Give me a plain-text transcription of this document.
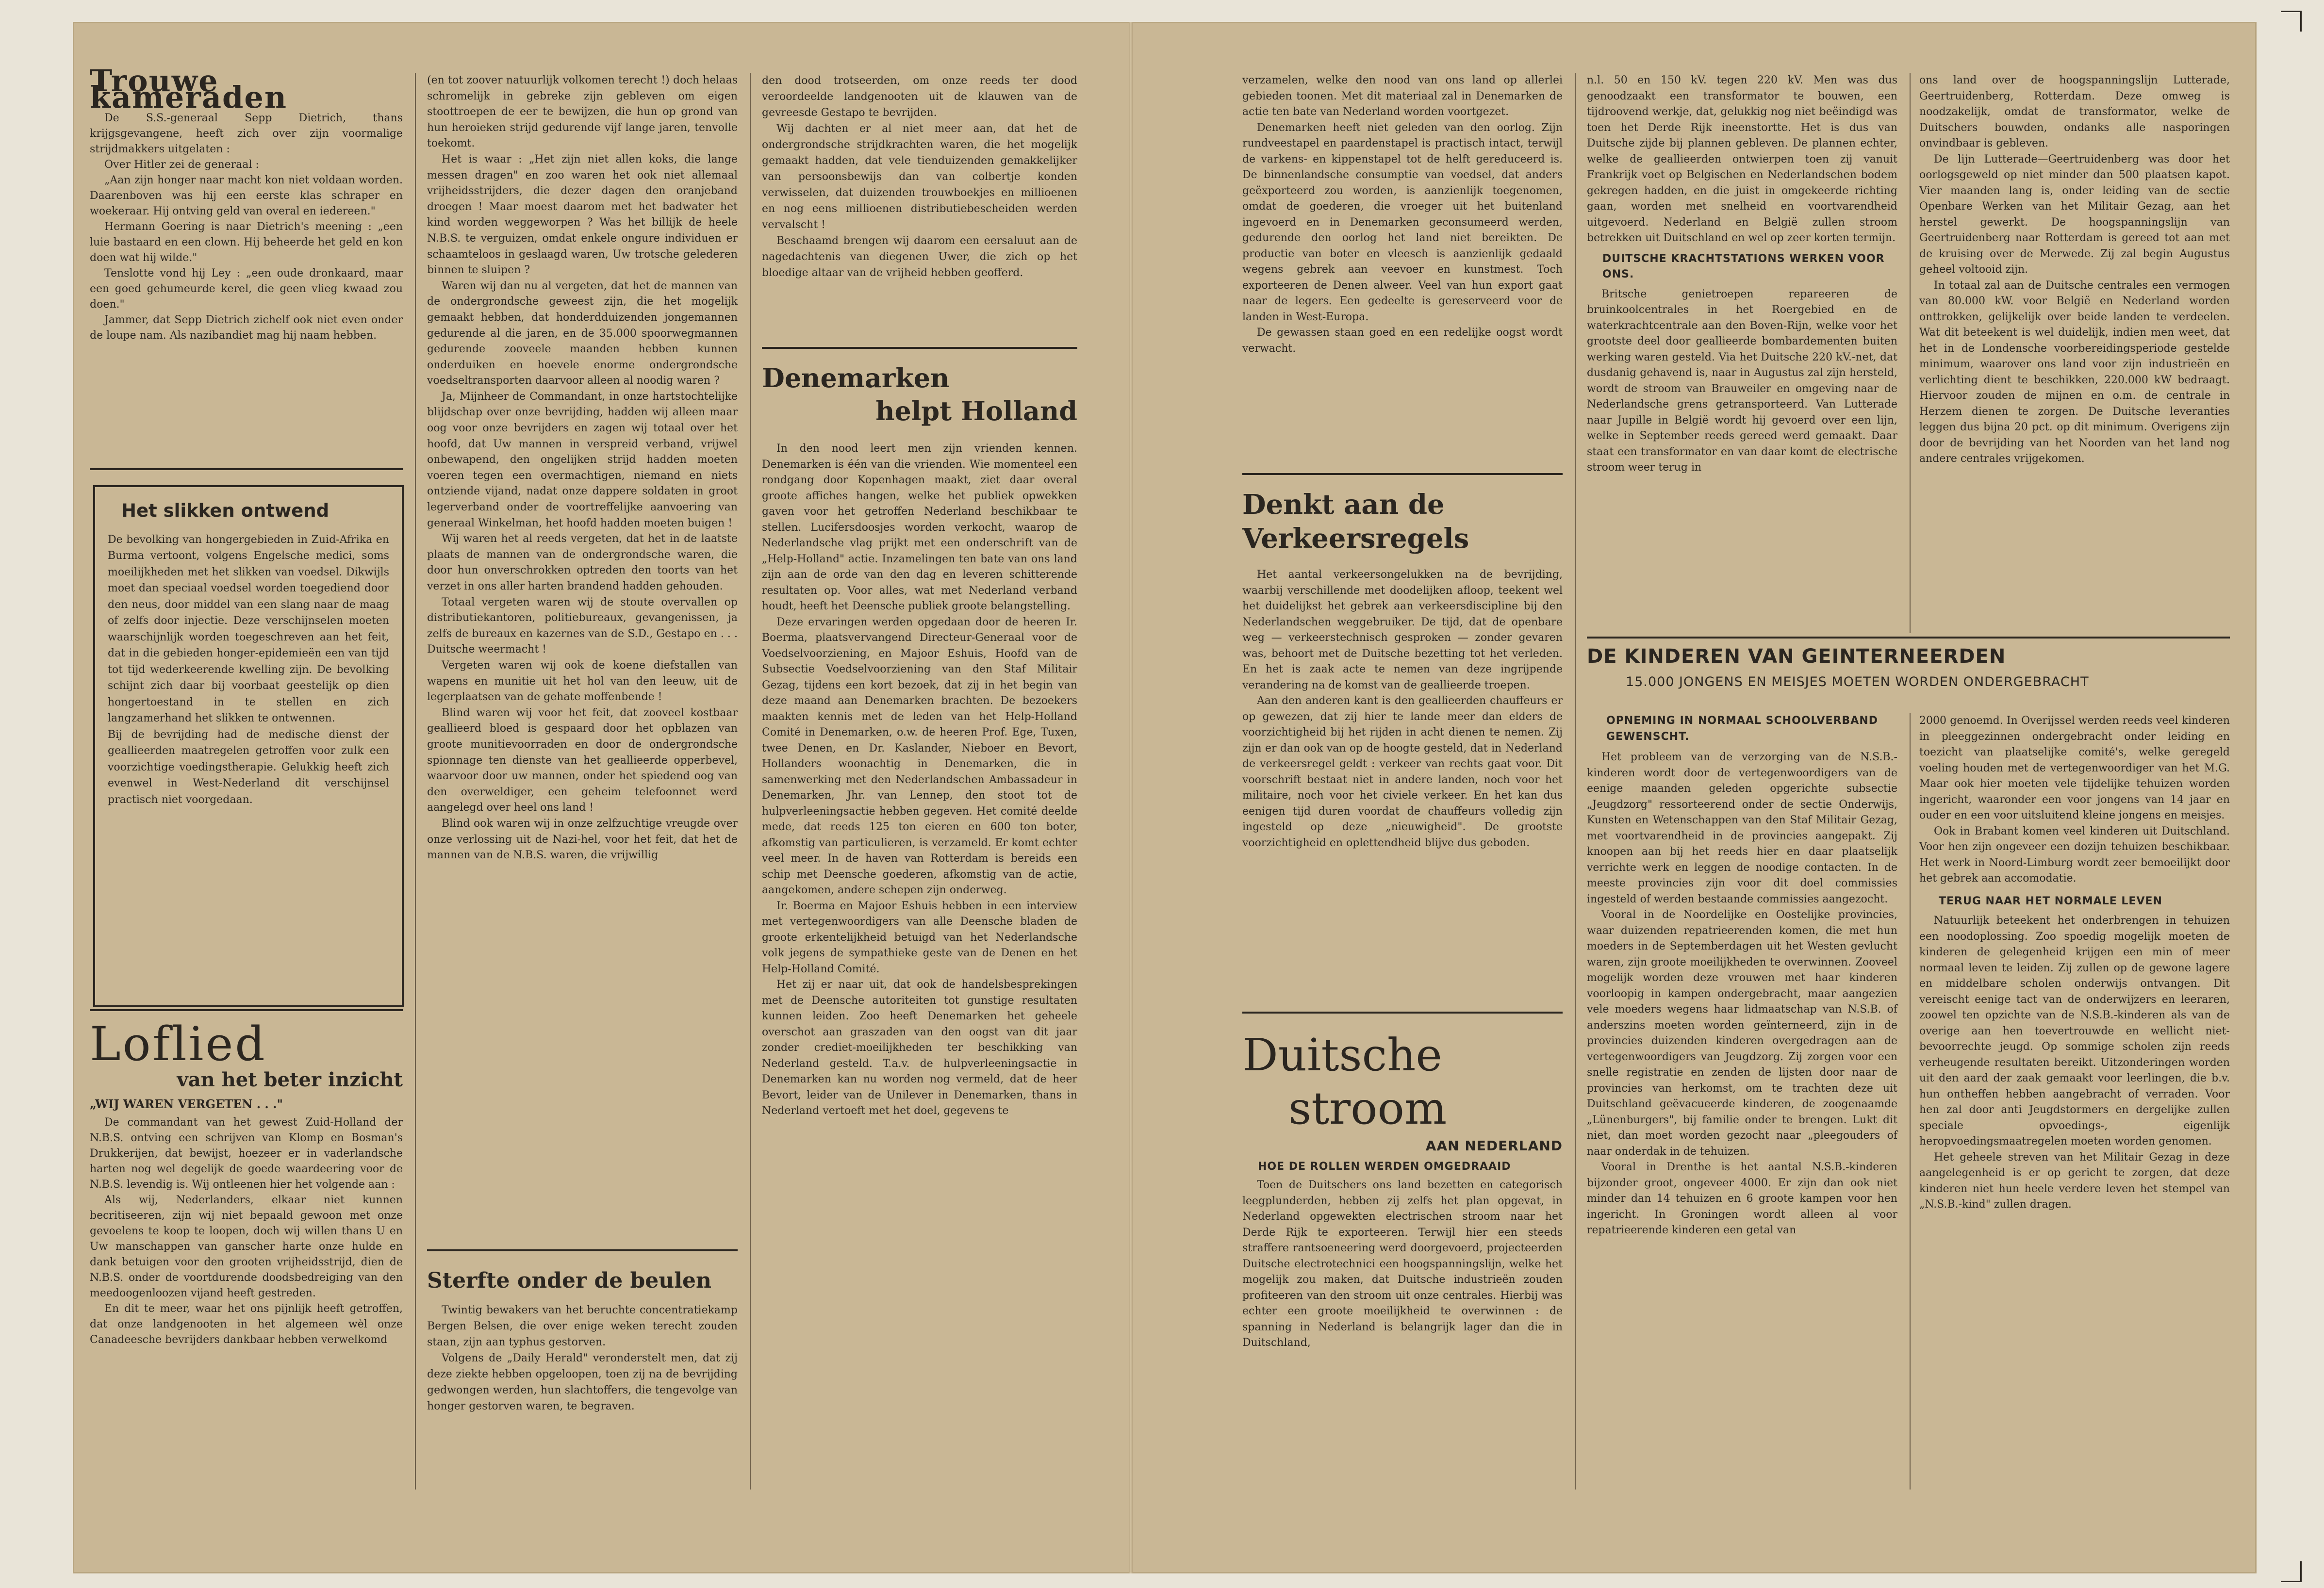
Trouwe kameraden

De S.S.-generaal Sepp Dietrich, thans krijgsgevangene, heeft zich over zijn voormalige strijdmakkers uitgelaten :

Over Hitler zei de generaal :

„Aan zijn honger naar macht kon niet voldaan worden. Daarenboven was hij een eerste klas schraper en woekeraar. Hij ontving geld van overal en iedereen."

Hermann Goering is naar Dietrich's meening : „een luie bastaard en een clown. Hij beheerde het geld en kon doen wat hij wilde."

Tenslotte vond hij Ley : „een oude dronkaard, maar een goed gehumeurde kerel, die geen vlieg kwaad zou doen."

Jammer, dat Sepp Dietrich zichelf ook niet even onder de loupe nam. Als nazibandiet mag hij naam hebben.

Het slikken ontwend

De bevolking van hongergebieden in Zuid-Afrika en Burma vertoont, volgens Engelsche medici, soms moeilijkheden met het slikken van voedsel. Dikwijls moet dan speciaal voedsel worden toegediend door den neus, door middel van een slang naar de maag of zelfs door injectie. Deze verschijnselen moeten waarschijnlijk worden toegeschreven aan het feit, dat in die gebieden honger-epidemieën een van tijd tot tijd wederkeerende kwelling zijn. De bevolking schijnt zich daar bij voorbaat geestelijk op dien hongertoestand in te stellen en zich langzamerhand het slikken te ontwennen.

Bij de bevrijding had de medische dienst der geallieerden maatregelen getroffen voor zulk een voorzichtige voedingstherapie. Gelukkig heeft zich evenwel in West-Nederland dit verschijnsel practisch niet voorgedaan.

Loflied
van het beter inzicht
„WIJ WAREN VERGETEN . . ."

De commandant van het gewest Zuid-Holland der N.B.S. ontving een schrijven van Klomp en Bosman's Drukkerijen, dat bewijst, hoezeer er in vaderlandsche harten nog wel degelijk de goede waardeering voor de N.B.S. levendig is. Wij ontleenen hier het volgende aan :

Als wij, Nederlanders, elkaar niet kunnen becritiseeren, zijn wij niet bepaald gewoon met onze gevoelens te koop te loopen, doch wij willen thans U en Uw manschappen van ganscher harte onze hulde en dank betuigen voor den grooten vrijheidsstrijd, dien de N.B.S. onder de voortdurende doodsbedreiging van den meedoogenloozen vijand heeft gestreden.

En dit te meer, waar het ons pijnlijk heeft getroffen, dat onze landgenooten in het algemeen wèl onze Canadeesche bevrijders dankbaar hebben verwelkomd

(en tot zoover natuurlijk volkomen terecht !) doch helaas schromelijk in gebreke zijn gebleven om eigen stoottroepen de eer te bewijzen, die hun op grond van hun heroieken strijd gedurende vijf lange jaren, tenvolle toekomt.

Het is waar : „Het zijn niet allen koks, die lange messen dragen" en zoo waren het ook niet allemaal vrijheidsstrijders, die dezer dagen den oranjeband droegen ! Maar moest daarom met het badwater het kind worden weggeworpen ? Was het billijk de heele N.B.S. te verguizen, omdat enkele ongure individuen er schaamteloos in geslaagd waren, Uw trotsche gelederen binnen te sluipen ?

Waren wij dan nu al vergeten, dat het de mannen van de ondergrondsche geweest zijn, die het mogelijk gemaakt hebben, dat honderdduizenden jongemannen gedurende al die jaren, en de 35.000 spoorwegmannen gedurende zooveele maanden hebben kunnen onderduiken en hoevele enorme ondergrondsche voedseltransporten daarvoor alleen al noodig waren ?

Ja, Mijnheer de Commandant, in onze hartstochtelijke blijdschap over onze bevrijding, hadden wij alleen maar oog voor onze bevrijders en zagen wij totaal over het hoofd, dat Uw mannen in verspreid verband, vrijwel onbewapend, den ongelijken strijd hadden moeten voeren tegen een overmachtigen, niemand en niets ontziende vijand, nadat onze dappere soldaten in groot legerverband onder de voortreffelijke aanvoering van generaal Winkelman, het hoofd hadden moeten buigen !

Wij waren het al reeds vergeten, dat het in de laatste plaats de mannen van de ondergrondsche waren, die door hun onverschrokken optreden den toorts van het verzet in ons aller harten brandend hadden gehouden.

Totaal vergeten waren wij de stoute overvallen op distributiekantoren, politiebureaux, gevangenissen, ja zelfs de bureaux en kazernes van de S.D., Gestapo en . . . Duitsche weermacht !

Vergeten waren wij ook de koene diefstallen van wapens en munitie uit het hol van den leeuw, uit de legerplaatsen van de gehate moffenbende !

Blind waren wij voor het feit, dat zooveel kostbaar geallieerd bloed is gespaard door het opblazen van groote munitievoorraden en door de ondergrondsche spionnage ten dienste van het geallieerde opperbevel, waarvoor door uw mannen, onder het spiedend oog van den overweldiger, een geheim telefoonnet werd aangelegd over heel ons land !

Blind ook waren wij in onze zelfzuchtige vreugde over onze verlossing uit de Nazi-hel, voor het feit, dat het de mannen van de N.B.S. waren, die vrijwillig

Sterfte onder de beulen

Twintig bewakers van het beruchte concentratiekamp Bergen Belsen, die over enige weken terecht zouden staan, zijn aan typhus gestorven.

Volgens de „Daily Herald" veronderstelt men, dat zij deze ziekte hebben opgeloopen, toen zij na de bevrijding gedwongen werden, hun slachtoffers, die tengevolge van honger gestorven waren, te begraven.

den dood trotseerden, om onze reeds ter dood veroordeelde landgenooten uit de klauwen van de gevreesde Gestapo te bevrijden.

Wij dachten er al niet meer aan, dat het de ondergrondsche strijdkrachten waren, die het mogelijk gemaakt hadden, dat vele tienduizenden gemakkelijker van persoonsbewijs dan van colbertje konden verwisselen, dat duizenden trouwboekjes en millioenen en nog eens millioenen distributiebescheiden werden vervalscht !

Beschaamd brengen wij daarom een eersaluut aan de nagedachtenis van diegenen Uwer, die zich op het bloedige altaar van de vrijheid hebben geofferd.

Denemarken
helpt Holland

In den nood leert men zijn vrienden kennen. Denemarken is één van die vrienden. Wie momenteel een rondgang door Kopenhagen maakt, ziet daar overal groote affiches hangen, welke het publiek opwekken gaven voor het getroffen Nederland beschikbaar te stellen. Lucifersdoosjes worden verkocht, waarop de Nederlandsche vlag prijkt met een onderschrift van de „Help-Holland" actie. Inzamelingen ten bate van ons land zijn aan de orde van den dag en leveren schitterende resultaten op. Voor alles, wat met Nederland verband houdt, heeft het Deensche publiek groote belangstelling.

Deze ervaringen werden opgedaan door de heeren Ir. Boerma, plaatsvervangend Directeur-Generaal voor de Voedselvoorziening, en Majoor Eshuis, Hoofd van de Subsectie Voedselvoorziening van den Staf Militair Gezag, tijdens een kort bezoek, dat zij in het begin van deze maand aan Denemarken brachten. De bezoekers maakten kennis met de leden van het Help-Holland Comité in Denemarken, o.w. de heeren Prof. Ege, Tuxen, twee Denen, en Dr. Kaslander, Nieboer en Bevort, Hollanders woonachtig in Denemarken, die in samenwerking met den Nederlandschen Ambassadeur in Denemarken, Jhr. van Lennep, den stoot tot de hulpverleeningsactie hebben gegeven. Het comité deelde mede, dat reeds 125 ton eieren en 600 ton boter, afkomstig van particulieren, is verzameld. Er komt echter veel meer. In de haven van Rotterdam is bereids een schip met Deensche goederen, afkomstig van de actie, aangekomen, andere schepen zijn onderweg.

Ir. Boerma en Majoor Eshuis hebben in een interview met vertegenwoordigers van alle Deensche bladen de groote erkentelijkheid betuigd van het Nederlandsche volk jegens de sympathieke geste van de Denen en het Help-Holland Comité.

Het zij er naar uit, dat ook de handelsbesprekingen met de Deensche autoriteiten tot gunstige resultaten kunnen leiden. Zoo heeft Denemarken het geheele overschot aan graszaden van den oogst van dit jaar zonder crediet-moeilijkheden ter beschikking van Nederland gesteld. T.a.v. de hulpverleeningsactie in Denemarken kan nu worden nog vermeld, dat de heer Bevort, leider van de Unilever in Denemarken, thans in Nederland vertoeft met het doel, gegevens te

verzamelen, welke den nood van ons land op allerlei gebieden toonen. Met dit materiaal zal in Denemarken de actie ten bate van Nederland worden voortgezet.

Denemarken heeft niet geleden van den oorlog. Zijn rundveestapel en paardenstapel is practisch intact, terwijl de varkens- en kippenstapel tot de helft gereduceerd is. De binnenlandsche consumptie van voedsel, dat anders geëxporteerd zou worden, is aanzienlijk toegenomen, omdat de goederen, die vroeger uit het buitenland ingevoerd en in Denemarken geconsumeerd werden, gedurende den oorlog het land niet bereikten. De productie van boter en vleesch is aanzienlijk gedaald wegens gebrek aan veevoer en kunstmest. Toch exporteeren de Denen alweer. Veel van hun export gaat naar de legers. Een gedeelte is gereserveerd voor de landen in West-Europa.

De gewassen staan goed en een redelijke oogst wordt verwacht.

Denkt aan de
Verkeersregels

Het aantal verkeersongelukken na de bevrijding, waarbij verschillende met doodelijken afloop, teekent wel het duidelijkst het gebrek aan verkeersdiscipline bij den Nederlandschen weggebruiker. De tijd, dat de openbare weg — verkeerstechnisch gesproken — zonder gevaren was, behoort met de Duitsche bezetting tot het verleden. En het is zaak acte te nemen van deze ingrijpende verandering na de komst van de geallieerde troepen.

Aan den anderen kant is den geallieerden chauffeurs er op gewezen, dat zij hier te lande meer dan elders de voorzichtigheid bij het rijden in acht dienen te nemen. Zij zijn er dan ook van op de hoogte gesteld, dat in Nederland de verkeersregel geldt : verkeer van rechts gaat voor. Dit voorschrift bestaat niet in andere landen, noch voor het militaire, noch voor het civiele verkeer. En het kan dus eenigen tijd duren voordat de chauffeurs volledig zijn ingesteld op deze „nieuwigheid". De grootste voorzichtigheid en oplettendheid blijve dus geboden.

Duitsche
stroom
AAN NEDERLAND
HOE DE ROLLEN WERDEN OMGEDRAAID

Toen de Duitschers ons land bezetten en categorisch leegplunderden, hebben zij zelfs het plan opgevat, in Nederland opgewekten electrischen stroom naar het Derde Rijk te exporteeren. Terwijl hier een steeds straffere rantsoeneering werd doorgevoerd, projecteerden Duitsche electrotechnici een hoogspanningslijn, welke het mogelijk zou maken, dat Duitsche industrieën zouden profiteeren van den stroom uit onze centrales. Hierbij was echter een groote moeilijkheid te overwinnen : de spanning in Nederland is belangrijk lager dan die in Duitschland,

n.l. 50 en 150 kV. tegen 220 kV. Men was dus genoodzaakt een transformator te bouwen, een tijdroovend werkje, dat, gelukkig nog niet beëindigd was toen het Derde Rijk ineenstortte. Het is dus van Duitsche zijde bij plannen gebleven. De plannen echter, welke de geallieerden ontwierpen toen zij vanuit Frankrijk voet op Belgischen en Nederlandschen bodem gekregen hadden, en die juist in omgekeerde richting gaan, worden met snelheid en voortvarendheid uitgevoerd. Nederland en België zullen stroom betrekken uit Duitschland en wel op zeer korten termijn.

DUITSCHE KRACHTSTATIONS WERKEN VOOR ONS.

Britsche genietroepen repareeren de bruinkoolcentrales in het Roergebied en de waterkrachtcentrale aan den Boven-Rijn, welke voor het grootste deel door geallieerde bombardementen buiten werking waren gesteld. Via het Duitsche 220 kV.-net, dat dusdanig gehavend is, naar in Augustus zal zijn hersteld, wordt de stroom van Brauweiler en omgeving naar de Nederlandsche grens getransporteerd. Van Lutterade naar Jupille in België wordt hij gevoerd over een lijn, welke in September reeds gereed werd gemaakt. Daar staat een transformator en van daar komt de electrische stroom weer terug in

ons land over de hoogspanningslijn Lutterade, Geertruidenberg, Rotterdam. Deze omweg is noodzakelijk, omdat de transformator, welke de Duitschers bouwden, ondanks alle nasporingen onvindbaar is gebleven.

De lijn Lutterade—Geertruidenberg was door het oorlogsgeweld op niet minder dan 500 plaatsen kapot. Vier maanden lang is, onder leiding van de sectie Openbare Werken van het Militair Gezag, aan het herstel gewerkt. De hoogspanningslijn van Geertruidenberg naar Rotterdam is gereed tot aan met de kruising over de Merwede. Zij zal begin Augustus geheel voltooid zijn.

In totaal zal aan de Duitsche centrales een vermogen van 80.000 kW. voor België en Nederland worden onttrokken, gelijkelijk over beide landen te verdeelen. Wat dit beteekent is wel duidelijk, indien men weet, dat het in de Londensche voorbereidingsperiode gestelde minimum, waarover ons land voor zijn industrieën en verlichting dient te beschikken, 220.000 kW bedraagt. Hiervoor zouden de mijnen en o.m. de centrale in Herzem dienen te zorgen. De Duitsche leveranties leggen dus bijna 20 pct. op dit minimum. Overigens zijn door de bevrijding van het Noorden van het land nog andere centrales vrijgekomen.

DE KINDEREN VAN GEINTERNEERDEN
15.000 JONGENS EN MEISJES MOETEN WORDEN ONDERGEBRACHT
OPNEMING IN NORMAAL SCHOOLVERBAND GEWENSCHT.

Het probleem van de verzorging van de N.S.B.-kinderen wordt door de vertegenwoordigers van de eenige maanden geleden opgerichte subsectie „Jeugdzorg" ressorteerend onder de sectie Onderwijs, Kunsten en Wetenschappen van den Staf Militair Gezag, met voortvarendheid in de provincies aangepakt. Zij knoopen aan bij het reeds hier en daar plaatselijk verrichte werk en leggen de noodige contacten. In de meeste provincies zijn voor dit doel commissies ingesteld of werden bestaande commissies aangezocht.

Vooral in de Noordelijke en Oostelijke provincies, waar duizenden repatrieerenden komen, die met hun moeders in de Septemberdagen uit het Westen gevlucht waren, zijn groote moeilijkheden te overwinnen. Zooveel mogelijk worden deze vrouwen met haar kinderen voorloopig in kampen ondergebracht, maar aangezien vele moeders wegens haar lidmaatschap van N.S.B. of anderszins moeten worden geïnterneerd, zijn in de provincies duizenden kinderen overgedragen aan de vertegenwoordigers van Jeugdzorg. Zij zorgen voor een snelle registratie en zenden de lijsten door naar de provincies van herkomst, om te trachten deze uit Duitschland geëvacueerde kinderen, de zoogenaamde „Lünenburgers", bij familie onder te brengen. Lukt dit niet, dan moet worden gezocht naar „pleegouders of naar onderdak in de tehuizen.

Vooral in Drenthe is het aantal N.S.B.-kinderen bijzonder groot, ongeveer 4000. Er zijn dan ook niet minder dan 14 tehuizen en 6 groote kampen voor hen ingericht. In Groningen wordt alleen al voor repatrieerende kinderen een getal van

2000 genoemd. In Overijssel werden reeds veel kinderen in pleeggezinnen ondergebracht onder leiding en toezicht van plaatselijke comité's, welke geregeld voeling houden met de vertegenwoordiger van het M.G. Maar ook hier moeten vele tijdelijke tehuizen worden ingericht, waaronder een voor jongens van 14 jaar en ouder en een voor uitsluitend kleine jongens en meisjes.

Ook in Brabant komen veel kinderen uit Duitschland. Voor hen zijn ongeveer een dozijn tehuizen beschikbaar. Het werk in Noord-Limburg wordt zeer bemoeilijkt door het gebrek aan accomodatie.

TERUG NAAR HET NORMALE LEVEN

Natuurlijk beteekent het onderbrengen in tehuizen een noodoplossing. Zoo spoedig mogelijk moeten de kinderen de gelegenheid krijgen een min of meer normaal leven te leiden. Zij zullen op de gewone lagere en middelbare scholen onderwijs ontvangen. Dit vereischt eenige tact van de onderwijzers en leeraren, zoowel ten opzichte van de N.S.B.-kinderen als van de overige aan hen toevertrouwde en wellicht niet-bevoorrechte jeugd. Op sommige scholen zijn reeds verheugende resultaten bereikt. Uitzonderingen worden uit den aard der zaak gemaakt voor leerlingen, die b.v. hun ontheffen hebben aangebracht of verraden. Voor hen zal door anti Jeugdstormers en dergelijke zullen speciale opvoedings-, eigenlijk heropvoedingsmaatregelen moeten worden genomen.

Het geheele streven van het Militair Gezag in deze aangelegenheid is er op gericht te zorgen, dat deze kinderen niet hun heele verdere leven het stempel van „N.S.B.-kind" zullen dragen.
